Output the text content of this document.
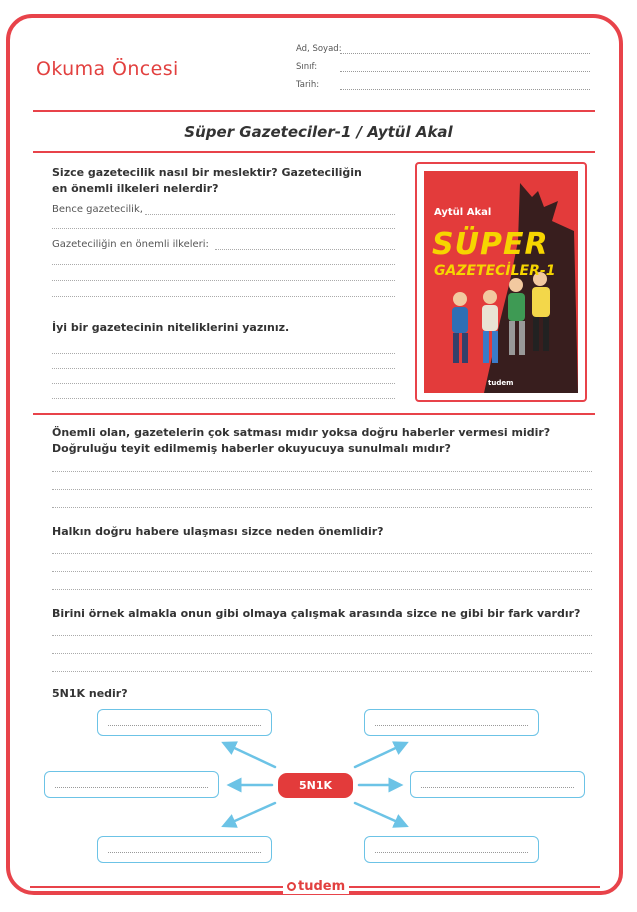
Okuma Öncesi
Ad, Soyad:
Sınıf:
Tarih:
Süper Gazeteciler-1 / Aytül Akal
Sizce gazetecilik nasıl bir meslektir? Gazeteciliğin en önemli ilkeleri nelerdir?
Bence gazetecilik,
Gazeteciliğin en önemli ilkeleri:
İyi bir gazetecinin niteliklerini yazınız.
Aytül Akal
SÜPER
GAZETECİLER-1
tudem
Önemli olan, gazetelerin çok satması mıdır yoksa doğru haberler vermesi midir? Doğruluğu teyit edilmemiş haberler okuyucuya sunulmalı mıdır?
Halkın doğru habere ulaşması sizce neden önemlidir?
Birini örnek almakla onun gibi olmaya çalışmak arasında sizce ne gibi bir fark vardır?
5N1K nedir?
5N1K
tudem
